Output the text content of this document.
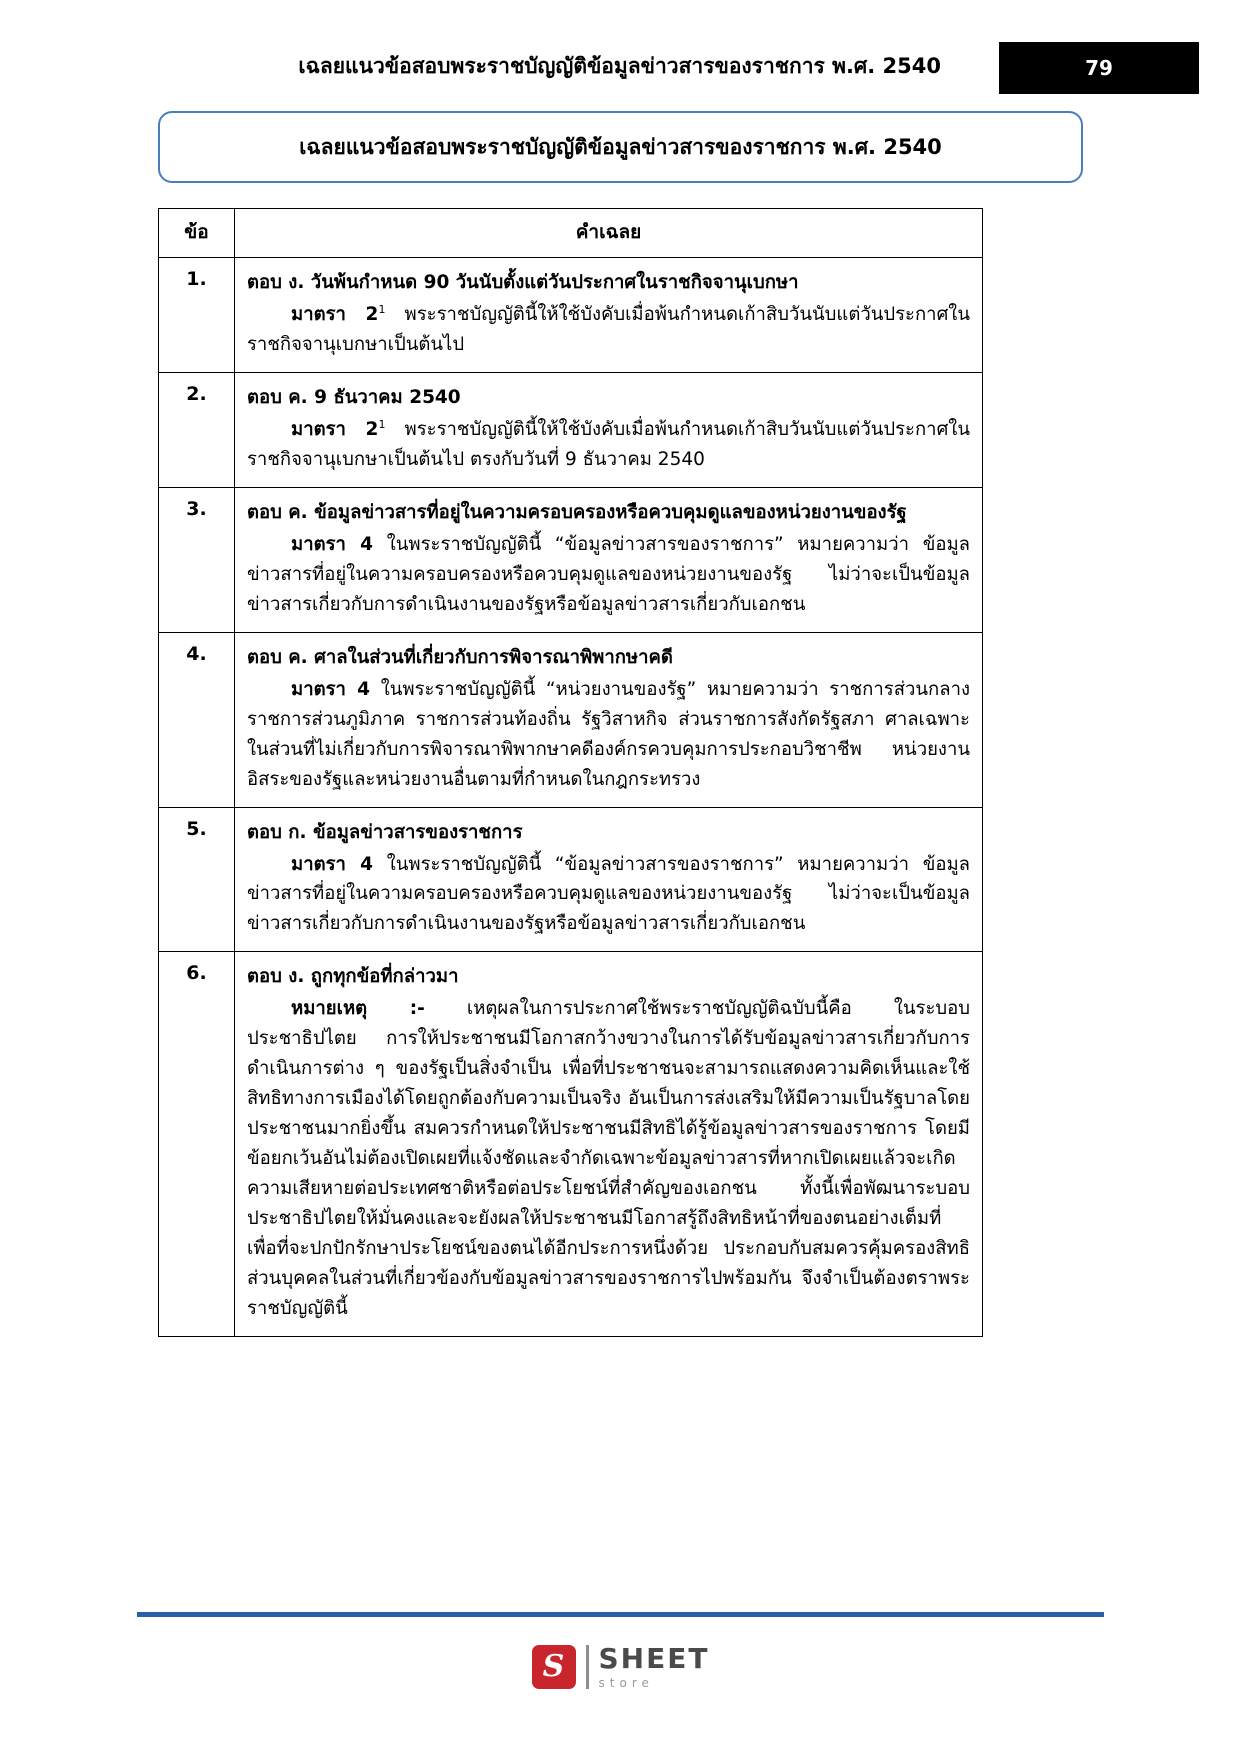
เฉลยแนวข้อสอบพระราชบัญญัติข้อมูลข่าวสารของราชการ พ.ศ. 2540	79
เฉลยแนวข้อสอบพระราชบัญญัติข้อมูลข่าวสารของราชการ พ.ศ. 2540
ข้อ	คำเฉลย
1.	ตอบ ง. วันพ้นกำหนด 90 วันนับตั้งแต่วันประกาศในราชกิจจานุเบกษา
มาตรา $2^1$ พระราชบัญญัตินี้ให้ใช้บังคับเมื่อพ้นกำหนดเก้าสิบวันนับแต่วันประกาศในราชกิจจานุเบกษาเป็นต้นไป

2.	ตอบ ค. 9 ธันวาคม 2540
มาตรา $2^1$ พระราชบัญญัตินี้ให้ใช้บังคับเมื่อพ้นกำหนดเก้าสิบวันนับแต่วันประกาศในราชกิจจานุเบกษาเป็นต้นไป ตรงกับวันที่ 9 ธันวาคม 2540

3.	ตอบ ค. ข้อมูลข่าวสารที่อยู่ในความครอบครองหรือควบคุมดูแลของหน่วยงานของรัฐ
มาตรา 4 ในพระราชบัญญัตินี้ “ข้อมูลข่าวสารของราชการ” หมายความว่า ข้อมูลข่าวสารที่อยู่ในความครอบครองหรือควบคุมดูแลของหน่วยงานของรัฐ ไม่ว่าจะเป็นข้อมูลข่าวสารเกี่ยวกับการดำเนินงานของรัฐหรือข้อมูลข่าวสารเกี่ยวกับเอกชน

4.	ตอบ ค. ศาลในส่วนที่เกี่ยวกับการพิจารณาพิพากษาคดี
มาตรา 4 ในพระราชบัญญัตินี้ “หน่วยงานของรัฐ” หมายความว่า ราชการส่วนกลาง ราชการส่วนภูมิภาค ราชการส่วนท้องถิ่น รัฐวิสาหกิจ ส่วนราชการสังกัดรัฐสภา ศาลเฉพาะในส่วนที่ไม่เกี่ยวกับการพิจารณาพิพากษาคดีองค์กรควบคุมการประกอบวิชาชีพ หน่วยงานอิสระของรัฐและหน่วยงานอื่นตามที่กำหนดในกฎกระทรวง

5.	ตอบ ก. ข้อมูลข่าวสารของราชการ
มาตรา 4 ในพระราชบัญญัตินี้ “ข้อมูลข่าวสารของราชการ” หมายความว่า ข้อมูลข่าวสารที่อยู่ในความครอบครองหรือควบคุมดูแลของหน่วยงานของรัฐ ไม่ว่าจะเป็นข้อมูลข่าวสารเกี่ยวกับการดำเนินงานของรัฐหรือข้อมูลข่าวสารเกี่ยวกับเอกชน

6.	ตอบ ง. ถูกทุกข้อที่กล่าวมา
หมายเหตุ :- เหตุผลในการประกาศใช้พระราชบัญญัติฉบับนี้คือ ในระบอบประชาธิปไตย การให้ประชาชนมีโอกาสกว้างขวางในการได้รับข้อมูลข่าวสารเกี่ยวกับการดำเนินการต่าง ๆ ของรัฐเป็นสิ่งจำเป็น เพื่อที่ประชาชนจะสามารถแสดงความคิดเห็นและใช้สิทธิทางการเมืองได้โดยถูกต้องกับความเป็นจริง อันเป็นการส่งเสริมให้มีความเป็นรัฐบาลโดยประชาชนมากยิ่งขึ้น สมควรกำหนดให้ประชาชนมีสิทธิได้รู้ข้อมูลข่าวสารของราชการ โดยมีข้อยกเว้นอันไม่ต้องเปิดเผยที่แจ้งชัดและจำกัดเฉพาะข้อมูลข่าวสารที่หากเปิดเผยแล้วจะเกิดความเสียหายต่อประเทศชาติหรือต่อประโยชน์ที่สำคัญของเอกชน ทั้งนี้เพื่อพัฒนาระบอบประชาธิปไตยให้มั่นคงและจะยังผลให้ประชาชนมีโอกาสรู้ถึงสิทธิหน้าที่ของตนอย่างเต็มที่ เพื่อที่จะปกปักรักษาประโยชน์ของตนได้อีกประการหนึ่งด้วย ประกอบกับสมควรคุ้มครองสิทธิส่วนบุคคลในส่วนที่เกี่ยวข้องกับข้อมูลข่าวสารของราชการไปพร้อมกัน จึงจำเป็นต้องตราพระราชบัญญัตินี้
S	SHEET
store
